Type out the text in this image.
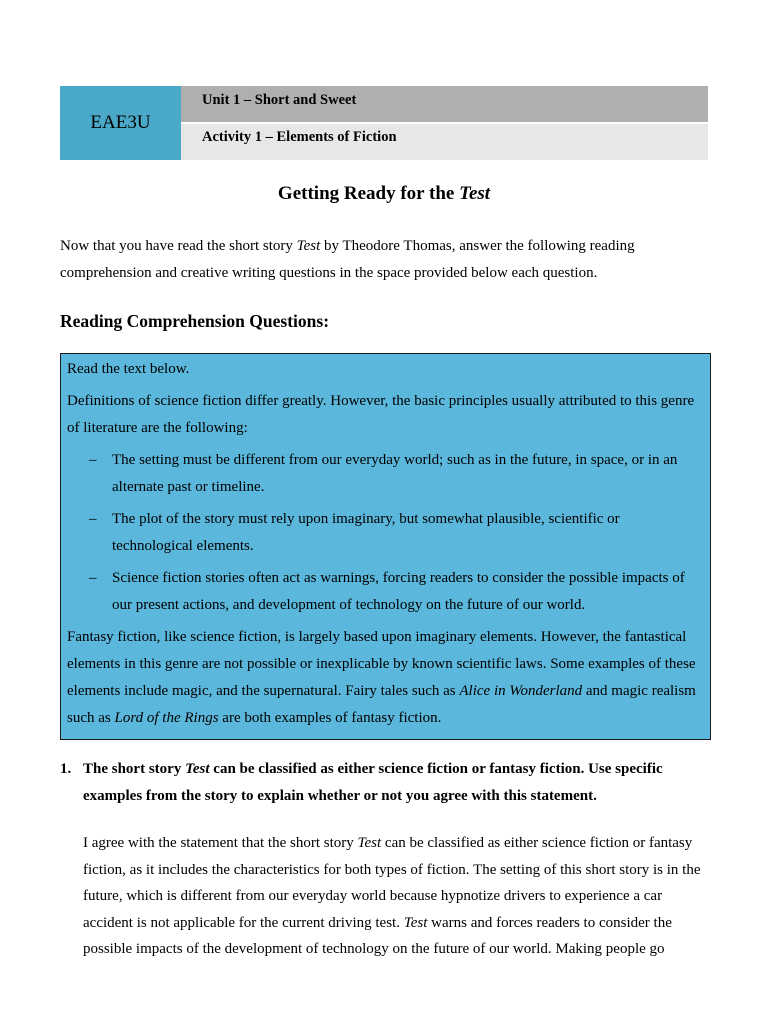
EAE3U
Unit 1 – Short and Sweet
Activity 1 – Elements of Fiction
Getting Ready for the Test
Now that you have read the short story Test by Theodore Thomas, answer the following reading comprehension and creative writing questions in the space provided below each question.
Reading Comprehension Questions:

Read the text below.

Definitions of science fiction differ greatly. However, the basic principles usually attributed to this genre of literature are the following:

– The setting must be different from our everyday world; such as in the future, in space, or in an alternate past or timeline.
– The plot of the story must rely upon imaginary, but somewhat plausible, scientific or technological elements.
– Science fiction stories often act as warnings, forcing readers to consider the possible impacts of our present actions, and development of technology on the future of our world.

Fantasy fiction, like science fiction, is largely based upon imaginary elements. However, the fantastical elements in this genre are not possible or inexplicable by known scientific laws. Some examples of these elements include magic, and the supernatural. Fairy tales such as Alice in Wonderland and magic realism such as Lord of the Rings are both examples of fantasy fiction.

1. The short story Test can be classified as either science fiction or fantasy fiction. Use specific examples from the story to explain whether or not you agree with this statement.
I agree with the statement that the short story Test can be classified as either science fiction or fantasy fiction, as it includes the characteristics for both types of fiction. The setting of this short story is in the future, which is different from our everyday world because hypnotize drivers to experience a car accident is not applicable for the current driving test. Test warns and forces readers to consider the possible impacts of the development of technology on the future of our world. Making people go
